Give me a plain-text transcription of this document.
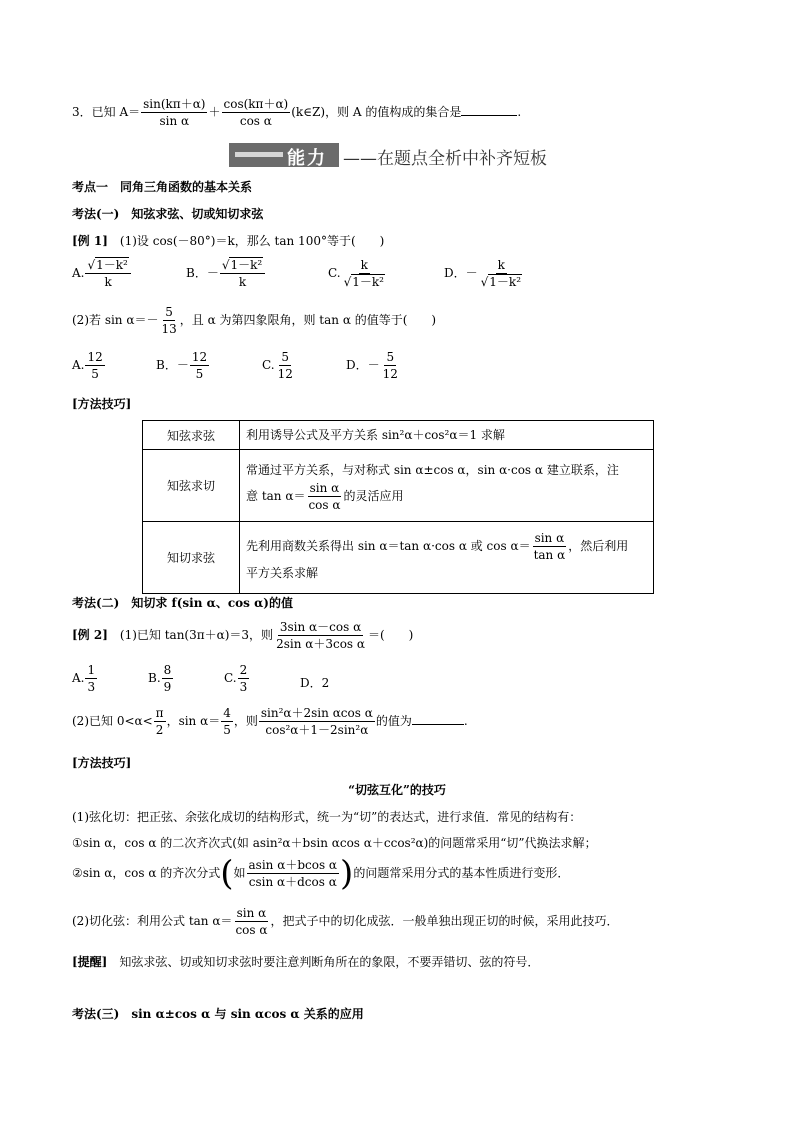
3．已知 $A= \frac{\sin(k\pi+\alpha)}{\text{sin α}} + \frac{\cos(k\pi+\alpha)}{\text{cos α}}$ (k∈Z)，则 A 的值构成的集合是	.
能力 ——在题点全析中补齐短板
考点一　同角三角函数的基本关系
考法(一)　知弦求弦、切或知切求弦
[例 1]　 (1)设 cos(－80°)＝k，那么 tan 100°等于(　　)
A. $\frac{\text{√1－k²}}{k}$	B．－ $\frac{\text{√1－k²}}{k}$	C. $\frac{k}{\text{√1－k²}}$	D．－ $\frac{k}{\text{√1－k²}}$
(2)若 $\sin \alpha=- \frac{5}{13}$ ，且 α 为第四象限角，则 tan α 的值等于(　　)
A. $\frac{12}{5}$	B．－ $\frac{12}{5}$	C. $\frac{5}{12}$	D．－ $\frac{5}{12}$
[方法技巧]
知弦求弦	利用诱导公式及平方关系 sin²α＋cos²α＝1 求解
知弦求切	常通过平方关系，与对称式 sin α±cos α，sin α·cos α 建立联系，注
意 $\tan \alpha= \frac{\text{sin α}}{\text{cos α}}$ 的灵活应用

知切求弦	先利用商数关系得出 sin α＝tan α·cos α 或 $\cos \alpha= \frac{\text{sin α}}{\text{tan α}}$ ，然后利用
平方关系求解
考法(二)　知切求 f(sin α、cos α)的值
[例 2]　 (1)已知 tan(3π＋α)＝3，则 $\frac{\text{3sin α－cos α}}{\text{2sin α＋3cos α}}$ ＝(　　)
A. $\frac{1}{3}$	B. $\frac{8}{9}$	C. $\frac{2}{3}$	D．2
(2)已知 $0<\alpha< \frac{\pi}{2}$ ，$\sin \alpha= \frac{4}{5}$ ，则 $\frac{\text{sin²α＋2sin αcos α}}{\text{cos²α＋1－2sin²α}}$ 的值为	.
[方法技巧]
“切弦互化”的技巧
(1)弦化切：把正弦、余弦化成切的结构形式，统一为“切”的表达式，进行求值．常见的结构有：
①sin α，cos α 的二次齐次式(如 asin²α＋bsin αcos α＋ccos²α)的问题常采用“切”代换法求解；
②sin α，cos α 的齐次分式(如 $\frac{\text{asin α＋bcos α}}{\text{csin α＋dcos α}}$ )的问题常采用分式的基本性质进行变形．
(2)切化弦：利用公式 $\tan \alpha= \frac{\text{sin α}}{\text{cos α}}$ ，把式子中的切化成弦．一般单独出现正切的时候，采用此技巧．
[提醒]　知弦求弦、切或知切求弦时要注意判断角所在的象限，不要弄错切、弦的符号．
考法(三)　sin α±cos α 与 sin αcos α 关系的应用
